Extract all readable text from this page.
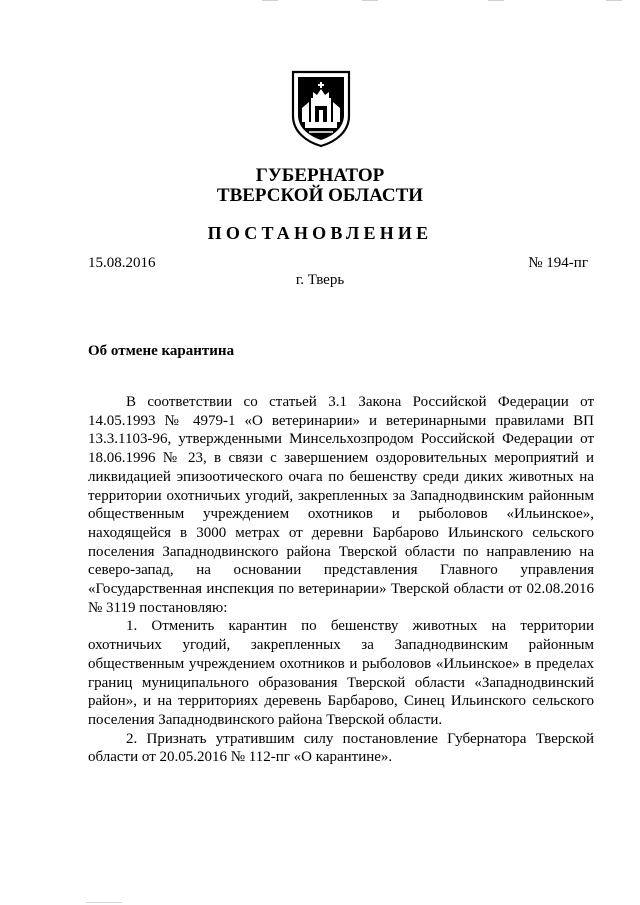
ГУБЕРНАТОР
ТВЕРСКОЙ ОБЛАСТИ
ПОСТАНОВЛЕНИЕ
15.08.2016	№ 194-пг
г. Тверь
Об отмене карантина

В соответствии со статьей 3.1 Закона Российской Федерации от 14.05.1993 № 4979-1 «О ветеринарии» и ветеринарными правилами ВП 13.3.1103-96, утвержденными Минсельхозпродом Российской Федерации от 18.06.1996 № 23, в связи с завершением оздоровительных мероприятий и ликвидацией эпизоотического очага по бешенству среди диких животных на территории охотничьих угодий, закрепленных за Западнодвинским районным общественным учреждением охотников и рыболовов «Ильинское», находящейся в 3000 метрах от деревни Барбарово Ильинского сельского поселения Западнодвинского района Тверской области по направлению на северо-запад, на основании представления Главного управления «Государственная инспекция по ветеринарии» Тверской области от 02.08.2016 № 3119 постановляю:

1. Отменить карантин по бешенству животных на территории охотничьих угодий, закрепленных за Западнодвинским районным общественным учреждением охотников и рыболовов «Ильинское» в пределах границ муниципального образования Тверской области «Западнодвинский район», и на территориях деревень Барбарово, Синец Ильинского сельского поселения Западнодвинского района Тверской области.

2. Признать утратившим силу постановление Губернатора Тверской области от 20.05.2016 № 112-пг «О карантине».
